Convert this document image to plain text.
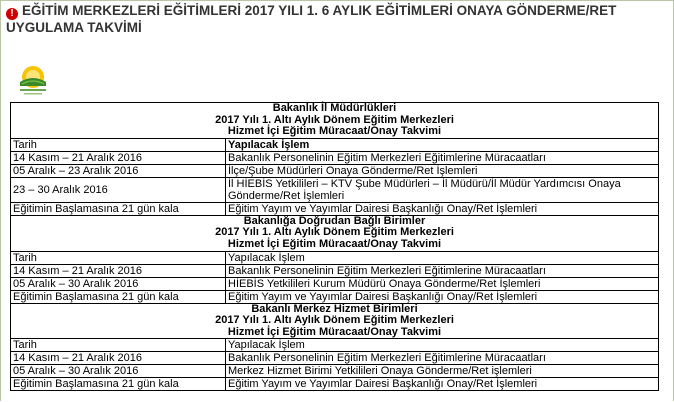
! EĞİTİM MERKEZLERİ EĞİTİMLERİ 2017 YILI 1. 6 AYLIK EĞİTİMLERİ ONAYA GÖNDERME/RET UYGULAMA TAKVİMİ
Bakanlık İl Müdürlükleri
2017 Yılı 1. Altı Aylık Dönem Eğitim Merkezleri
Hizmet İçi Eğitim Müracaat/Onay Takvimi	

Tarih	Yapılacak İşlem
14 Kasım – 21 Aralık 2016	Bakanlık Personelinin Eğitim Merkezleri Eğitimlerine Müracaatları
05 Aralık – 23 Aralık 2016	İlçe/Şube Müdürleri Onaya Gönderme/Ret İşlemleri
23 – 30 Aralık 2016	İl HİEBİS Yetkilileri – KTV Şube Müdürleri – İl Müdürü/İl Müdür Yardımcısı Onaya Gönderme/Ret İşlemleri
Eğitimin Başlamasına 21 gün kala	Eğitim Yayım ve Yayımlar Dairesi Başkanlığı Onay/Ret İşlemleri

Bakanlığa Doğrudan Bağlı Birimler
2017 Yılı 1. Altı Aylık Dönem Eğitim Merkezleri
Hizmet İçi Eğitim Müracaat/Onay Takvimi	

Tarih	Yapılacak İşlem
14 Kasım – 21 Aralık 2016	Bakanlık Personelinin Eğitim Merkezleri Eğitimlerine Müracaatları
05 Aralık – 30 Aralık 2016	HİEBİS Yetkilileri Kurum Müdürü Onaya Gönderme/Ret İşlemleri
Eğitimin Başlamasına 21 gün kala	Eğitim Yayım ve Yayımlar Dairesi Başkanlığı Onay/Ret İşlemleri

Bakanlı Merkez Hizmet Birimleri
2017 Yılı 1. Altı Aylık Dönem Eğitim Merkezleri
Hizmet İçi Eğitim Müracaat/Onay Takvimi	

Tarih	Yapılacak İşlem
14 Kasım – 21 Aralık 2016	Bakanlık Personelinin Eğitim Merkezleri Eğitimlerine Müracaatları
05 Aralık – 30 Aralık 2016	Merkez Hizmet Birimi Yetkilileri Onaya Gönderme/Ret işlemleri
Eğitimin Başlamasına 21 gün kala	Eğitim Yayım ve Yayımlar Dairesi Başkanlığı Onay/Ret İşlemleri
